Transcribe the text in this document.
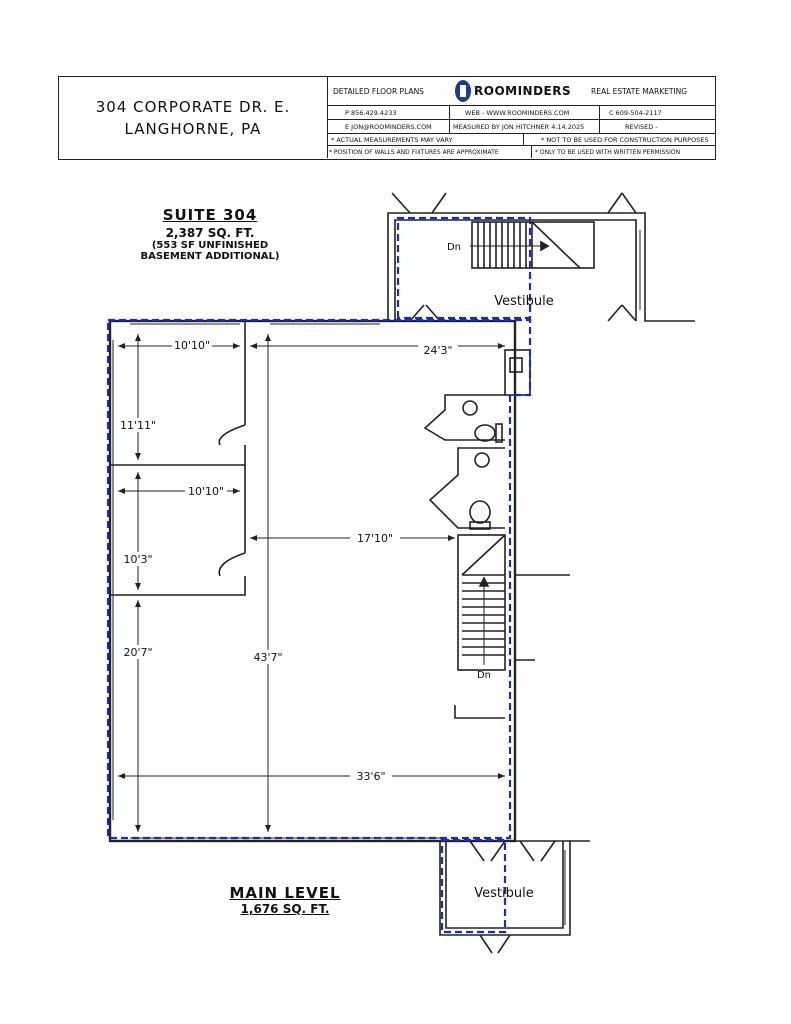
304 CORPORATE DR. E.
LANGHORNE, PA
DETAILED FLOOR PLANS	ROOMINDERS	REAL ESTATE MARKETING
P 856.429.4233	WEB - WWW.ROOMINDERS.COM	C 609-504-2117
E JON@ROOMINDERS.COM	MEASURED BY JON HITCHNER 4.14.2025	REVISED -
* ACTUAL MEASUREMENTS MAY VARY	* NOT TO BE USED FOR CONSTRUCTION PURPOSES
* POSITION OF WALLS AND FIXTURES ARE APPROXIMATE	* ONLY TO BE USED WITH WRITTEN PERMISSION
SUITE 304
2,387 SQ. FT.
(553 SF UNFINISHED
BASEMENT ADDITIONAL)
10'10"	24'3"
11'11"
10'10"
10'3"
17'10"
20'7"	43'7"
33'6"
Vestibule
Dn
Dn
Vestibule
MAIN LEVEL
1,676 SQ. FT.
